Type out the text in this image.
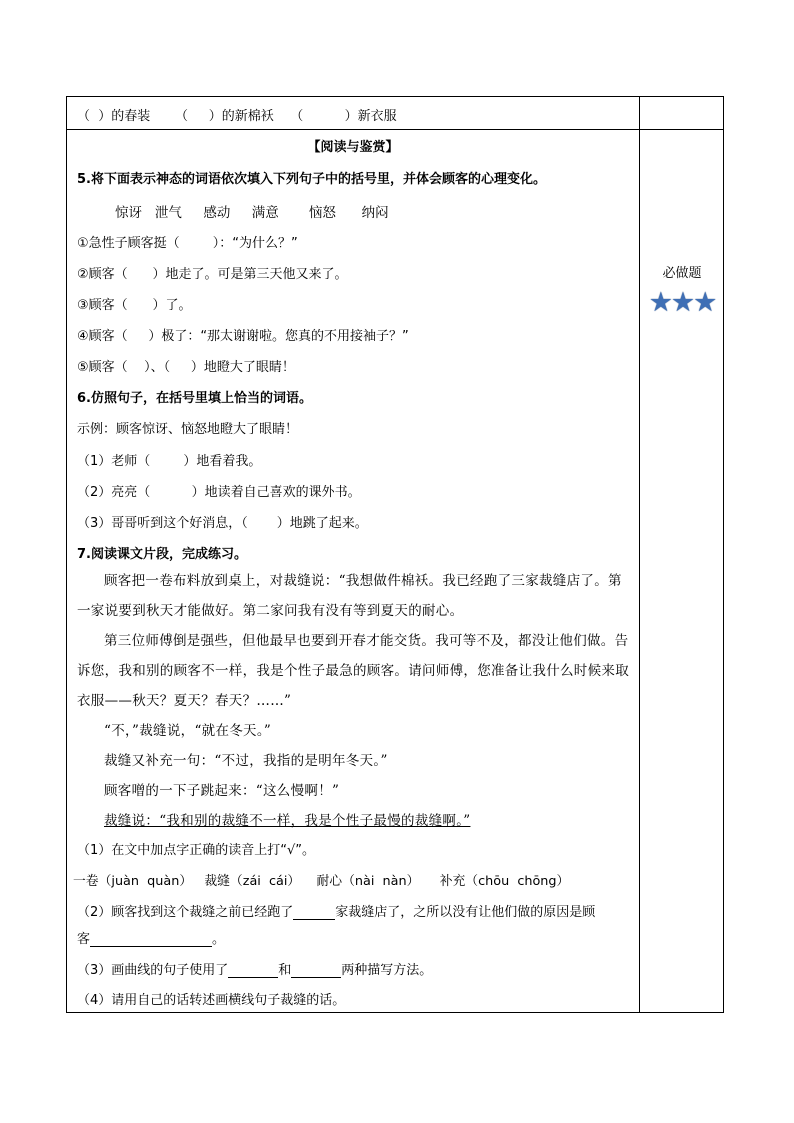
（  ）的春装      （     ）的新棉袄    （          ）新衣服
【阅读与鉴赏】
5.将下面表示神态的词语依次填入下列句子中的括号里，并体会顾客的心理变化。
惊讶   泄气     感动     满意       恼怒      纳闷
①急性子顾客挺（        ）：“为什么？”
②顾客（      ）地走了。可是第三天他又来了。
③顾客（      ）了。
④顾客（     ）极了：“那太谢谢啦。您真的不用接袖子？”
⑤顾客（    ）、（     ）地瞪大了眼睛！
6.仿照句子，在括号里填上恰当的词语。
示例：顾客惊讶、恼怒地瞪大了眼睛！
（1）老师（        ）地看着我。
（2）亮亮（          ）地读着自己喜欢的课外书。
（3）哥哥听到这个好消息，（       ）地跳了起来。
7.阅读课文片段，完成练习。

顾客把一卷布料放到桌上，对裁缝说：“我想做件棉袄。我已经跑了三家裁缝店了。第一家说要到秋天才能做好。第二家问我有没有等到夏天的耐心。

第三位师傅倒是强些，但他最早也要到开春才能交货。我可等不及，都没让他们做。告诉您，我和别的顾客不一样，我是个性子最急的顾客。请问师傅，您准备让我什么时候来取衣服——秋天？夏天？春天？……”

“不，”裁缝说，“就在冬天。”

裁缝又补充一句：“不过，我指的是明年冬天。”

顾客噌的一下子跳起来：“这么慢啊！”

裁缝说：“我和别的裁缝不一样，我是个性子最慢的裁缝啊。”

（1）在文中加点字正确的读音上打“√”。
一卷（juàn  quàn）   裁缝（zái  cái）    耐心（nài  nàn）     补充（chōu  chōng）
（2）顾客找到这个裁缝之前已经跑了	家裁缝店了，之所以没有让他们做的原因是顾
客	。
（3）画曲线的句子使用了	和	两种描写方法。
（4）请用自己的话转述画横线句子裁缝的话。
必做题
★★★
